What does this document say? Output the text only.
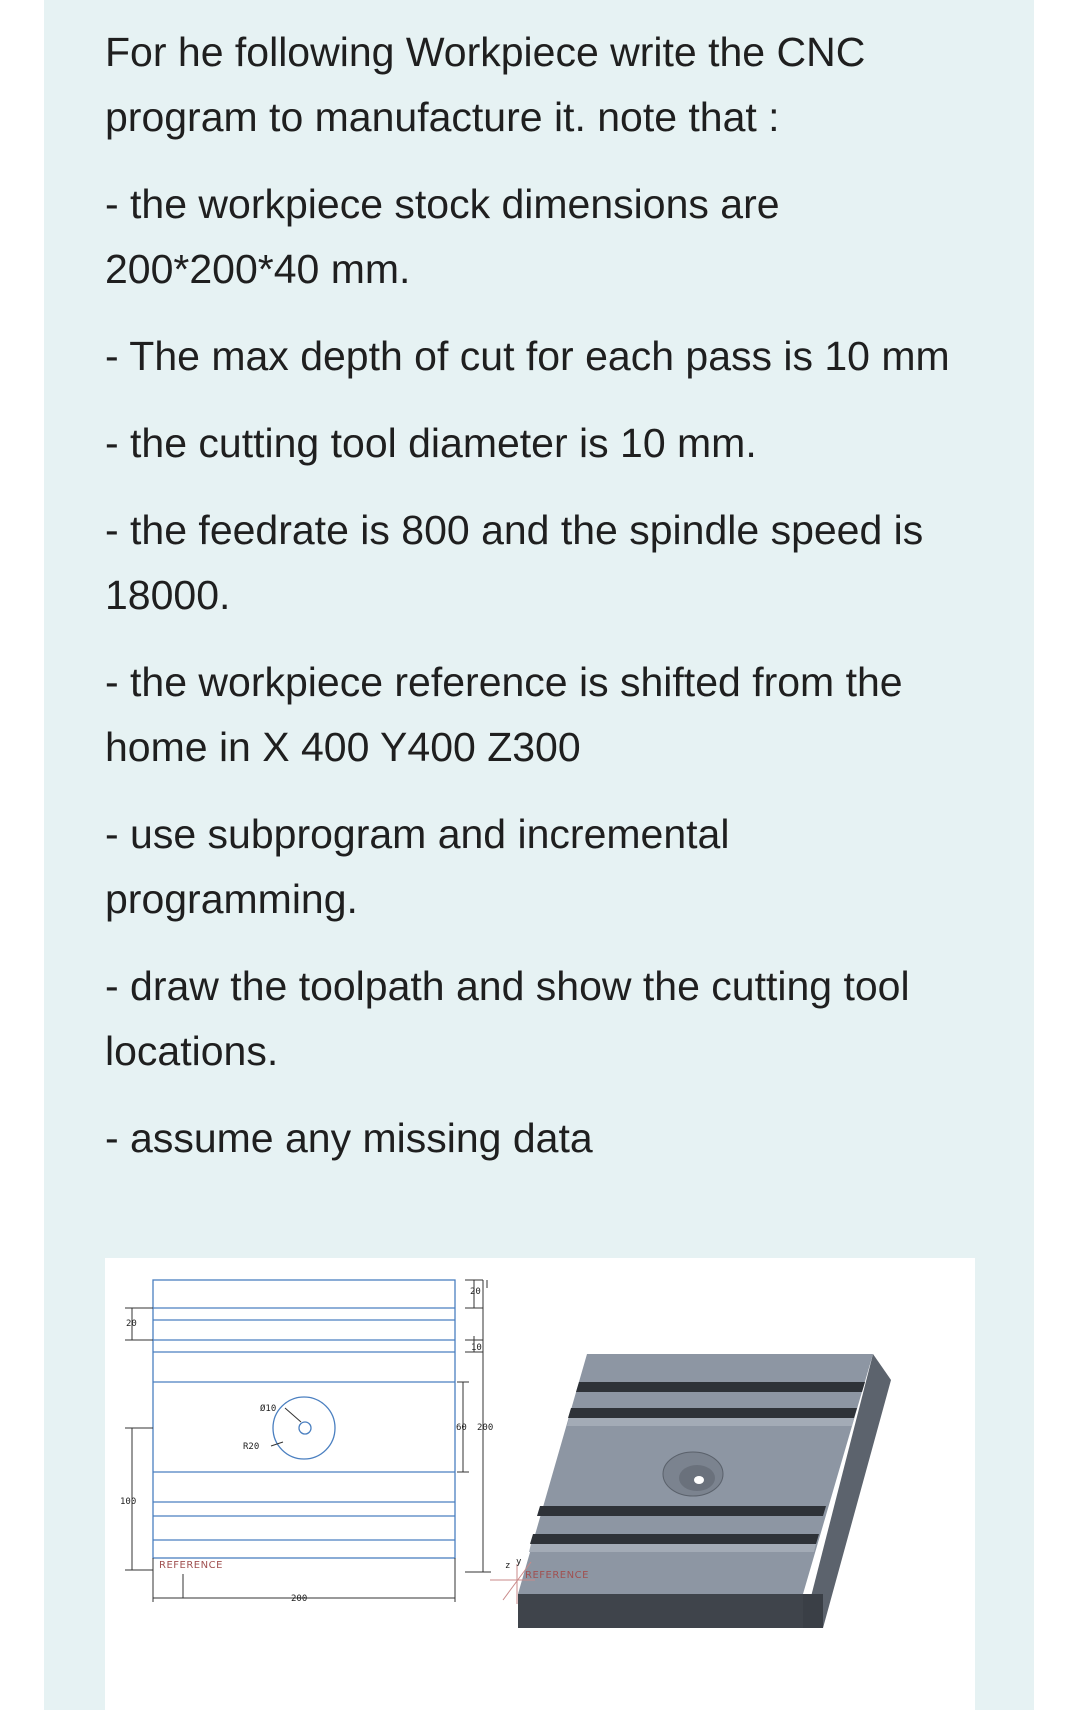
For he following Workpiece write the CNC program to manufacture it. note that :

- the workpiece stock dimensions are 200*200*40 mm.

- The max depth of cut for each pass is 10 mm

- the cutting tool diameter is 10 mm.

- the feedrate is 800 and the spindle speed is 18000.

- the workpiece reference is shifted from the home in X 400 Y400 Z300

- use subprogram and incremental programming.

- draw the toolpath and show the cutting tool locations.

- assume any missing data

20
20
10
60 200
100
200
Ø10
R20
REFERENCE
REFERENCE
z y
